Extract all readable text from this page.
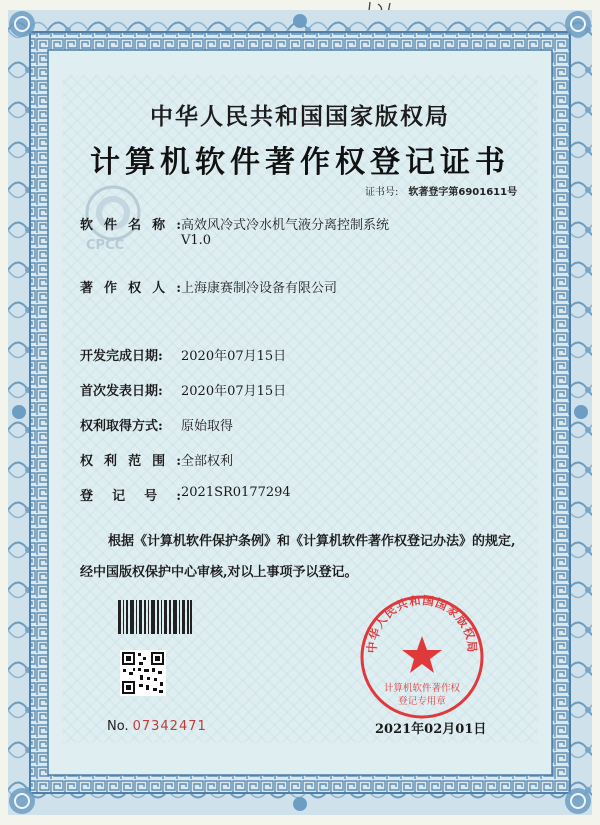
中华人民共和国国家版权局
计算机软件著作权登记证书
CPCC
证书号: 软著登字第6901611号
软件名称:高效风冷式冷水机气液分离控制系统
V1.0
著作权人:上海康赛制冷设备有限公司
开发完成日期: 2020年07月15日
首次发表日期: 2020年07月15日
权利取得方式: 原始取得
权利范围:全部权利
登记号:2021SR0177294
根据《计算机软件保护条例》和《计算机软件著作权登记办法》的规定,经中国版权保护中心审核,对以上事项予以登记。
No. 07342471
中华人民共和国国家版权局
计算机软件著作权
登记专用章
2021年02月01日
